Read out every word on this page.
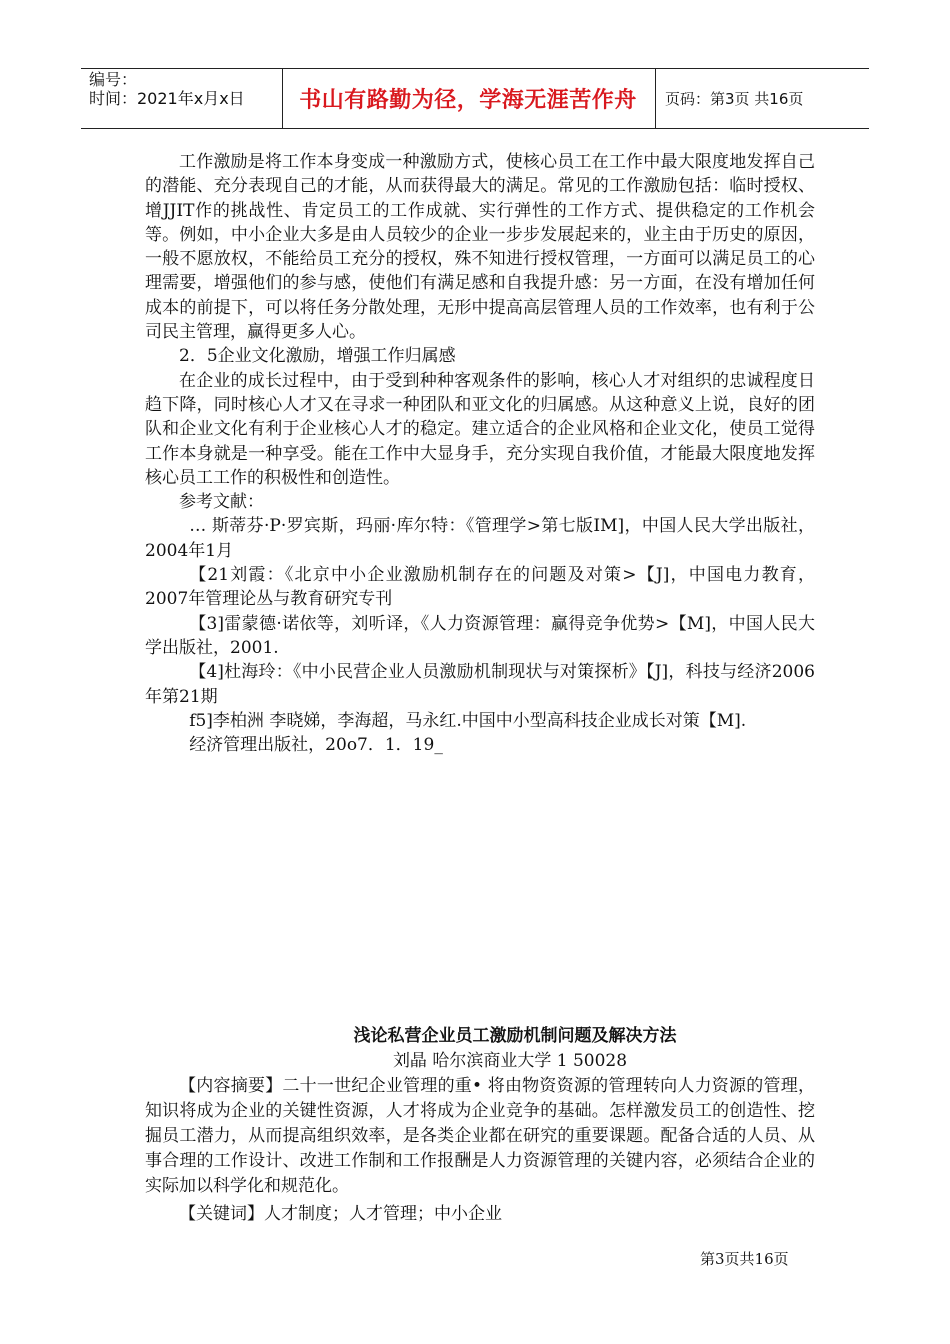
编号：
时间：2021年x月x日	书山有路勤为径，学海无涯苦作舟	页码：第3页 共16页

工作激励是将工作本身变成一种激励方式，使核心员工在工作中最大限度地发挥自己的潜能、充分表现自己的才能，从而获得最大的满足。常见的工作激励包括：临时授权、增JJIT作的挑战性、肯定员工的工作成就、实行弹性的工作方式、提供稳定的工作机会等。例如，中小企业大多是由人员较少的企业一步步发展起来的，业主由于历史的原因，一般不愿放权，不能给员工充分的授权，殊不知进行授权管理，一方面可以满足员工的心理需要，增强他们的参与感，使他们有满足感和自我提升感：另一方面，在没有增加任何成本的前提下，可以将任务分散处理，无形中提高高层管理人员的工作效率，也有利于公司民主管理，赢得更多人心。

2．5企业文化激励，增强工作归属感

在企业的成长过程中，由于受到种种客观条件的影响，核心人才对组织的忠诚程度日趋下降，同时核心人才又在寻求一种团队和亚文化的归属感。从这种意义上说，良好的团队和企业文化有利于企业核心人才的稳定。建立适合的企业风格和企业文化，使员工觉得工作本身就是一种享受。能在工作中大显身手，充分实现自我价值，才能最大限度地发挥核心员工工作的积极性和创造性。

参考文献：

… 斯蒂芬·P·罗宾斯，玛丽·库尔特：《管理学>第七版IM]，中国人民大学出版社，2004年1月

【21刘霞：《北京中小企业激励机制存在的问题及对策>【J]，中国电力教育，2007年管理论丛与教育研究专刊

【3]雷蒙德·诺依等，刘听译，《人力资源管理：赢得竞争优势>【M]，中国人民大学出版社，2001.

【4]杜海玲：《中小民营企业人员激励机制现状与对策探析》【J]，科技与经济2006年第21期

f5]李柏洲 李晓娣，李海超，马永红.中国中小型高科技企业成长对策【M].

经济管理出版社，20o7．1．19_

浅论私营企业员工激励机制问题及解决方法

刘晶 哈尔滨商业大学 1 50028

【内容摘要】二十一世纪企业管理的重• 将由物资资源的管理转向人力资源的管理，知识将成为企业的关键性资源，人才将成为企业竞争的基础。怎样激发员工的创造性、挖掘员工潜力，从而提高组织效率，是各类企业都在研究的重要课题。配备合适的人员、从事合理的工作设计、改进工作制和工作报酬是人力资源管理的关键内容，必须结合企业的实际加以科学化和规范化。

【关键词】人才制度；人才管理；中小企业

第3页共16页
